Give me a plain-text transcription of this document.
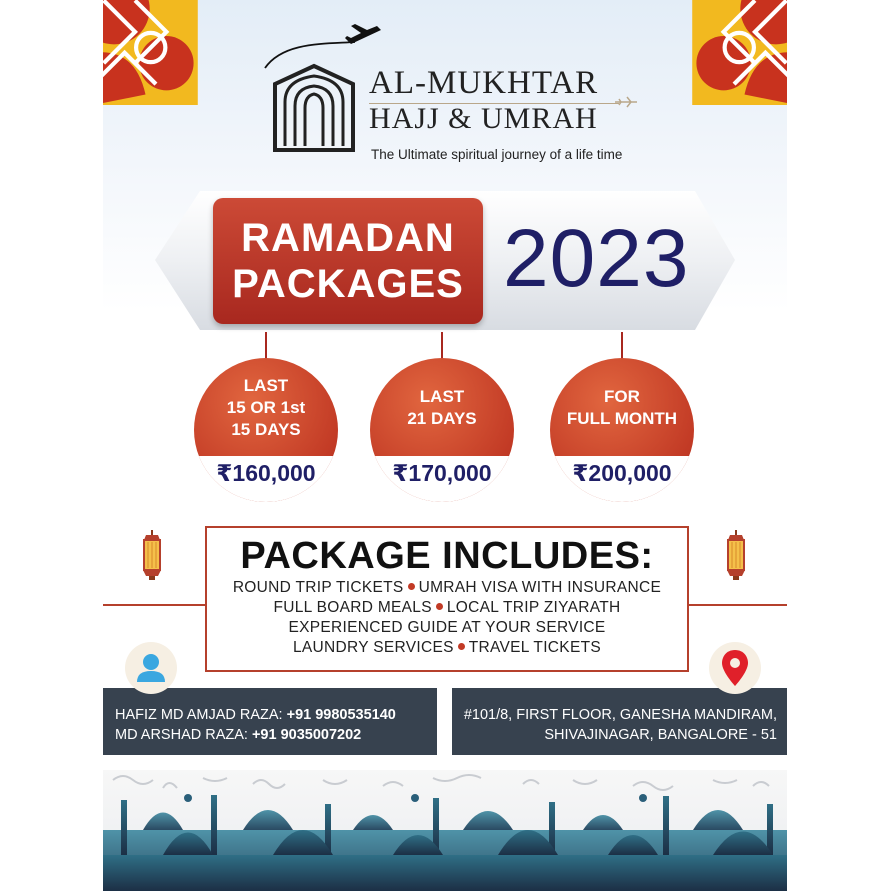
AL-MUKHTAR
HAJJ & UMRAH
The Ultimate spiritual journey of a life time
RAMADAN
PACKAGES 2023
LAST
15 OR 1st
15 DAYS
₹160,000
LAST
21 DAYS
₹170,000
FOR
FULL MONTH
₹200,000
PACKAGE INCLUDES:
ROUND TRIP TICKETS UMRAH VISA WITH INSURANCE
FULL BOARD MEALS LOCAL TRIP ZIYARATH
EXPERIENCED GUIDE AT YOUR SERVICE
LAUNDRY SERVICES TRAVEL TICKETS
HAFIZ MD AMJAD RAZA: +91 9980535140
MD ARSHAD RAZA: +91 9035007202
#101/8, FIRST FLOOR, GANESHA MANDIRAM,
SHIVAJINAGAR, BANGALORE - 51
